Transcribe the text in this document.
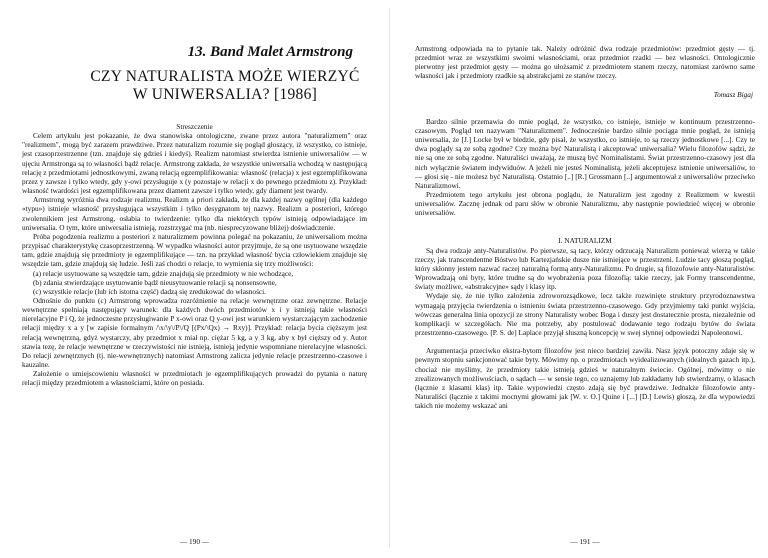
13. Band Malet Armstrong
CZY NATURALISTA MOŻE WIERZYĆ
W UNIWERSALIA? [1986]

Streszczenie

Celem artykułu jest pokazanie, że dwa stanowiska ontologiczne, zwane przez autora "naturalizmem" oraz "realizmem", mogą być zarazem prawdziwe. Przez naturalizm rozumie się pogląd głoszący, iż wszystko, co istnieje, jest czasoprzestrzenne (tzn. znajduje się gdzieś i kiedyś). Realizm natomiast stwierdza istnienie uniwersaliów — w ujęciu Armstronga są to własności bądź relacje. Armstrong zakłada, że wszystkie uniwersalia wchodzą w następującą relację z przedmiotami jednostkowymi, zwaną relacją egzemplifikowania: własność (relacja) x jest egzemplifikowana przez y zawsze i tylko wtedy, gdy y-owi przysługuje x (y pozostaje w relacji x do pewnego przedmiotu z). Przykład: własność twardości jest egzemplifikowana przez diament zawsze i tylko wtedy, gdy diament jest twardy.

Armstrong wyróżnia dwa rodzaje realizmu. Realizm a priori zakłada, że dla każdej nazwy ogólnej (dla każdego «typu») istnieje własność przysługująca wszystkim i tylko desygnatom tej nazwy. Realizm a posteriori, którego zwolennikiem jest Armstrong, osłabia to twierdzenie: tylko dla niektórych typów istnieją odpowiadające im uniwersalia. O tym, które uniwersalia istnieją, rozstrzygać ma (nb. niesprecyzowane bliżej) doświadczenie.

Próba pogodzenia realizmu a posteriori z naturalizmem powinna polegać na pokazaniu, że uniwersaliom można przypisać charakterystykę czasoprzestrzenną. W wypadku własności autor przyjmuje, że są one usytuowane wszędzie tam, gdzie znajdują się przedmioty je egzemplifikujące — tzn. na przykład własność bycia człowiekiem znajduje się wszędzie tam, gdzie znajdują się ludzie. Jeśli zaś chodzi o relacje, to wymienia się trzy możliwości:

(a) relacje usytuowane są wszędzie tam, gdzie znajdują się przedmioty w nie wchodzące,

(b) zdania stwierdzające usytuowanie bądź nieusytuowanie relacji są nonsensowne,

(c) wszystkie relacje (lub ich istotna część) dadzą się zredukować do własności.

Odnośnie do punktu (c) Armstrong wprowadza rozróżnienie na relacje wewnętrzne oraz zewnętrzne. Relacje wewnętrzne spełniają następujący warunek: dla każdych dwóch przedmiotów x i y istnieją takie własności nierelacyjne P i Q, że jednoczesne przysługiwanie P x-owi oraz Q y-owi jest warunkiem wystarczającym zachodzenie relacji między x a y [w zapisie formalnym /\x/\y\/P\/Q [(Px/\Qx) → Rxy)]. Przykład: relacja bycia cięższym jest relacją wewnętrzną, gdyż wystarczy, aby przedmiot x miał np. ciężar 5 kg, a y 3 kg, aby x był cięższy od y. Autor stawia tezę, że relacje wewnętrzne w rzeczywistości nie istnieją, istnieją jedynie wspomniane nierelacyjne własności. Do relacji zewnętrznych (tj. nie-wewnętrznych) natomiast Armstrong zalicza jedynie relacje przestrzenno-czasowe i kauzalne.

Założenie o umiejscowieniu własności w przedmiotach je egzemplifikujących prowadzi do pytania o naturę relacji między przedmiotem a własnościami, które on posiada.

— 190 —

Armstrong odpowiada na to pytanie tak. Należy odróżnić dwa rodzaje przedmiotów: przedmiot gęsty — tj. przedmiot wraz ze wszystkimi swoimi własnościami, oraz przedmiot rzadki — bez własności. Ontologicznie pierwotny jest przedmiot gęsty — można go ułożsamić z przedmiotem stanem rzeczy, natomiast zarówno same własności jak i przedmioty rzadkie są abstrakcjami ze stanów rzeczy.

Tomasz Bigaj

Bardzo silnie przemawia do mnie pogląd, że wszystko, co istnieje, istnieje w kontinuum przestrzenno-czasowym. Pogląd ten nazywam "Naturalizmem". Jednocześnie bardzo silnie pociąga mnie pogląd, że istnieją uniwersalia, że [J.] Locke był w biedzie, gdy pisał, że wszystko, co istnieje, to są rzeczy jednostkowe [...]. Czy te dwa poglądy są ze sobą zgodne? Czy można być Naturalistą i akceptować uniwersalia? Wielu filozofów sądzi, że nie są one ze sobą zgodne. Naturaliści uważają, że muszą być Nominalistami. Świat przestrzenno-czasowy jest dla nich wyłącznie światem indywiduów. A jeżeli nie jesteś Nominalistą, jeżeli akceptujesz istnienie uniwersaliów, to — głosi się - nie możesz być Naturalistą. Ostatnio [..] [R.] Grossmann [..] argumentował z uniwersaliów przeciwko Naturalizmowi.

Przedmiotem tego artykułu jest obrona poglądu, że Naturalizm jest zgodny z Realizmem w kwestii uniwersaliów. Zacznę jednak od paru słów w obronie Naturalizmu, aby następnie powiedzieć więcej w obronie uniwersaliów.

I. NATURALIZM

Są dwa rodzaje anty-Naturalistów. Po pierwsze, są tacy, którzy odrzucają Naturalizm ponieważ wierzą w takie rzeczy, jak transcendentne Bóstwo lub Kartezjańskie dusze nie istniejące w przestrzeni. Ludzie tacy głoszą pogląd, który skłonny jestem nazwać raczej naturalną formą anty-Naturalizmu. Po drugie, są filozofowie anty-Naturalistów. Wprowadzają oni byty, które trudne są do wyobrażenia poza filozofią: takie rzeczy, jak Formy transcendentne, światy możliwe, «abstrakcyjne» sądy i klasy itp.

Wydaje się, że nie tylko założenia zdroworozsądkowe, lecz także rozwinięte struktury przyrodoznawstwa wymagają przyjęcia twierdzenia o istnieniu świata przestrzenno-czasowego. Gdy przyjmiemy taki punkt wyjścia, wówczas generalna linia opozycji ze strony Naturalisty wobec Boga i duszy jest dostatecznie prosta, niezależnie od komplikacji w szczegółach. Nie ma potrzeby, aby postulować dodawanie tego rodzaju bytów do świata przestrzenno-czasowego. [P. S. de] Laplace przyjął słuszną koncepcję w swej słynnej odpowiedzi Napoleonowi.

Argumentacja przeciwko ekstra-bytom filozofów jest nieco bardziej zawiła. Nasz język potoczny zdaje się w pewnym stopniu sankcjonować takie byty. Mówimy np. o przedmiotach wyidealizowanych (idealnych gazach itp.), chociaż nie myślimy, że przedmioty takie istnieją gdzieś w naturalnym świecie. Ogólnej, mówimy o nie zrealizowanych możliwościach, o sądach — w sensie tego, co uznajemy lub zakładamy lub stwierdzamy, o klasach (łącznie z klasami klas) itp. Takie wypowiedzi często zdają się być prawdziwe. Jednakże filozofowie anty-Naturaliści (łącznie z takimi mocnymi głowami jak [W. v. O.] Quine i [...] [D.] Lewis) głoszą, że dla wypowiedzi takich nie możemy wskazać ani

— 191 —
